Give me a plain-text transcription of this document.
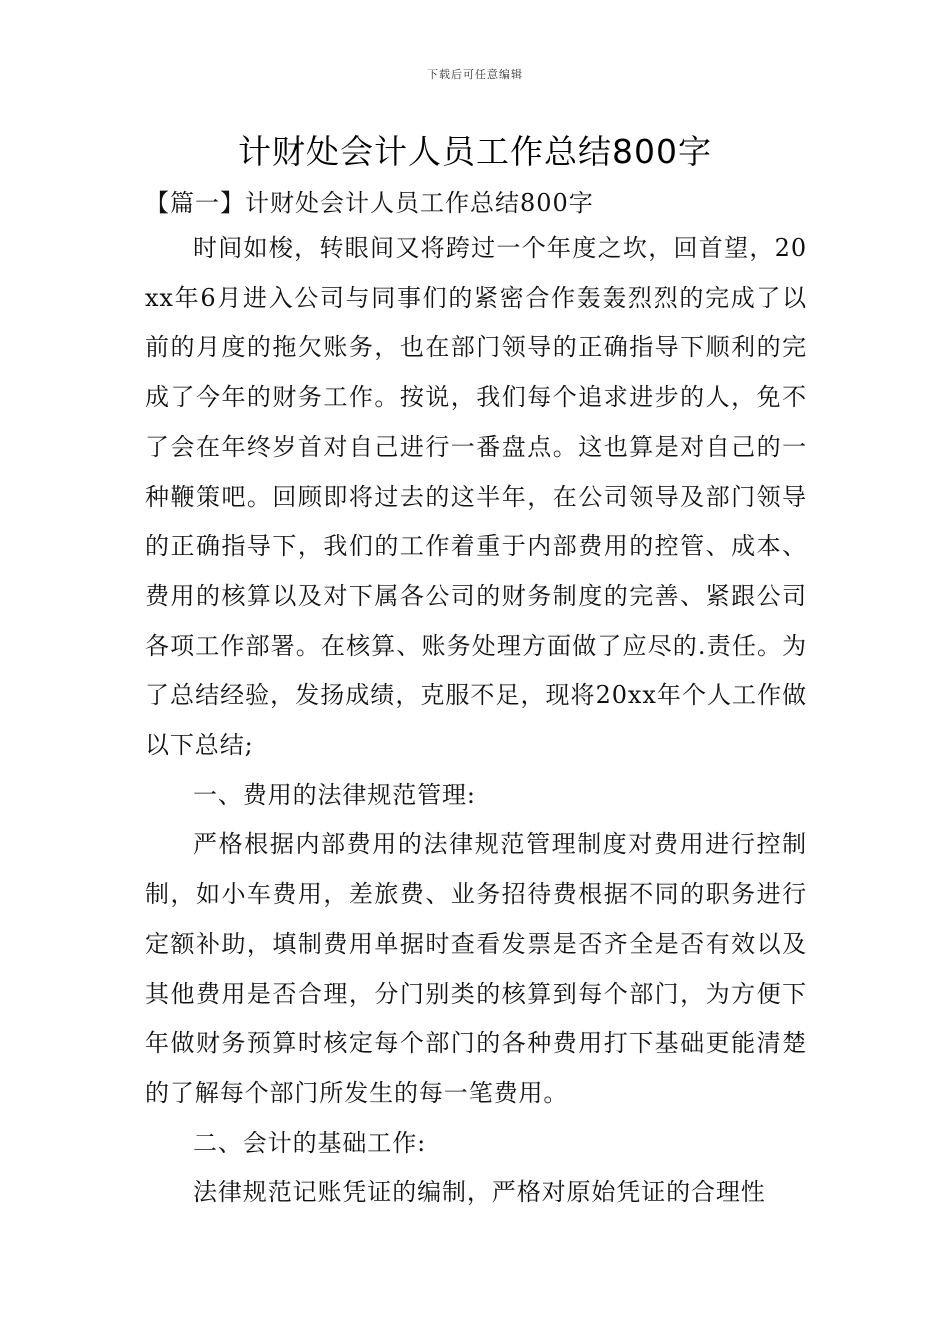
下载后可任意编辑
计财处会计人员工作总结800字
【篇一】计财处会计人员工作总结800字

时间如梭，转眼间又将跨过一个年度之坎，回首望，20xx年6月进入公司与同事们的紧密合作轰轰烈烈的完成了以前的月度的拖欠账务，也在部门领导的正确指导下顺利的完成了今年的财务工作。按说，我们每个追求进步的人，免不了会在年终岁首对自己进行一番盘点。这也算是对自己的一种鞭策吧。回顾即将过去的这半年，在公司领导及部门领导的正确指导下，我们的工作着重于内部费用的控管、成本、费用的核算以及对下属各公司的财务制度的完善、紧跟公司各项工作部署。在核算、账务处理方面做了应尽的.责任。为了总结经验，发扬成绩，克服不足，现将20xx年个人工作做以下总结;

一、费用的法律规范管理:

严格根据内部费用的法律规范管理制度对费用进行控制制，如小车费用，差旅费、业务招待费根据不同的职务进行定额补助，填制费用单据时查看发票是否齐全是否有效以及其他费用是否合理，分门别类的核算到每个部门，为方便下年做财务预算时核定每个部门的各种费用打下基础更能清楚的了解每个部门所发生的每一笔费用。

二、会计的基础工作:

法律规范记账凭证的编制，严格对原始凭证的合理性
